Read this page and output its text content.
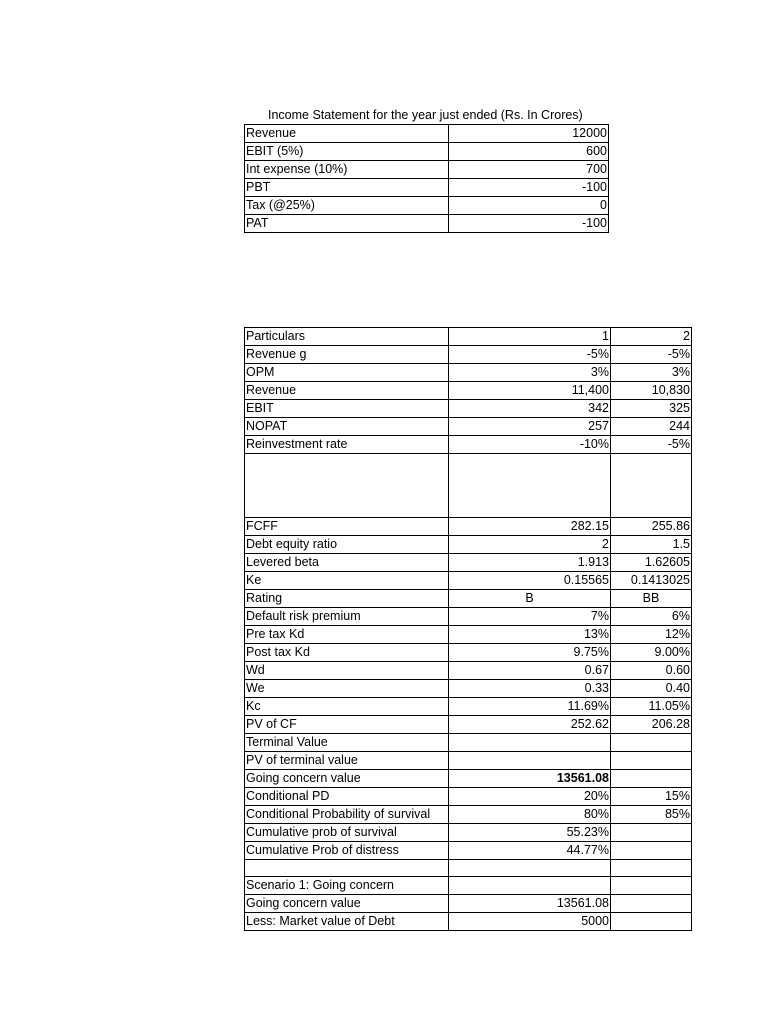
Income Statement for the year just ended (Rs. In Crores)
Revenue	12000
EBIT (5%)	600
Int expense (10%)	700
PBT	-100
Tax (@25%)	0
PAT	-100
Particulars	1	2
Revenue g	-5%	-5%
OPM	3%	3%
Revenue	11,400	10,830
EBIT	342	325
NOPAT	257	244
Reinvestment rate	-10%	-5%

FCFF	282.15	255.86
Debt equity ratio	2	1.5
Levered beta	1.913	1.62605
Ke	0.15565	0.1413025
Rating	B	BB
Default risk premium	7%	6%
Pre tax Kd	13%	12%
Post tax Kd	9.75%	9.00%
Wd	0.67	0.60
We	0.33	0.40
Kc	11.69%	11.05%
PV of CF	252.62	206.28
Terminal Value		
PV of terminal value		
Going concern value	13561.08	
Conditional PD	20%	15%
Conditional Probability of survival	80%	85%
Cumulative prob of survival	55.23%	
Cumulative Prob of distress	44.77%	

Scenario 1: Going concern		
Going concern value	13561.08	
Less: Market value of Debt	5000	
